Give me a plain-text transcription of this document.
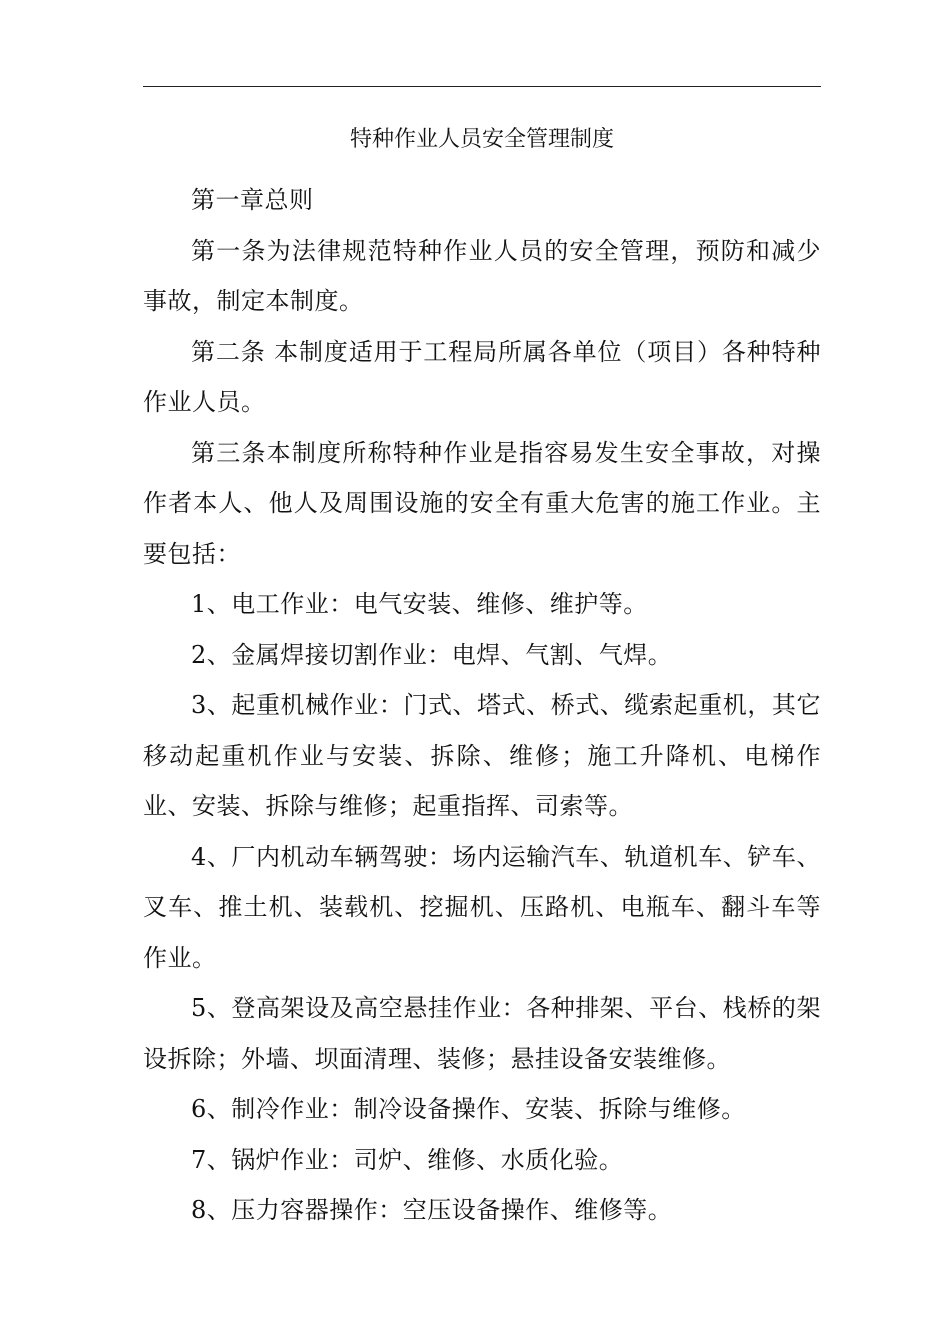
特种作业人员安全管理制度

第一章总则

第一条为法律规范特种作业人员的安全管理，预防和减少事故，制定本制度。

第二条 本制度适用于工程局所属各单位（项目）各种特种作业人员。

第三条本制度所称特种作业是指容易发生安全事故，对操作者本人、他人及周围设施的安全有重大危害的施工作业。主要包括：

1、电工作业：电气安装、维修、维护等。

2、金属焊接切割作业：电焊、气割、气焊。

3、起重机械作业：门式、塔式、桥式、缆索起重机，其它移动起重机作业与安装、拆除、维修；施工升降机、电梯作业、安装、拆除与维修；起重指挥、司索等。

4、厂内机动车辆驾驶：场内运输汽车、轨道机车、铲车、叉车、推土机、装载机、挖掘机、压路机、电瓶车、翻斗车等作业。

5、登高架设及高空悬挂作业：各种排架、平台、栈桥的架设拆除；外墙、坝面清理、装修；悬挂设备安装维修。

6、制冷作业：制冷设备操作、安装、拆除与维修。

7、锅炉作业：司炉、维修、水质化验。

8、压力容器操作：空压设备操作、维修等。
